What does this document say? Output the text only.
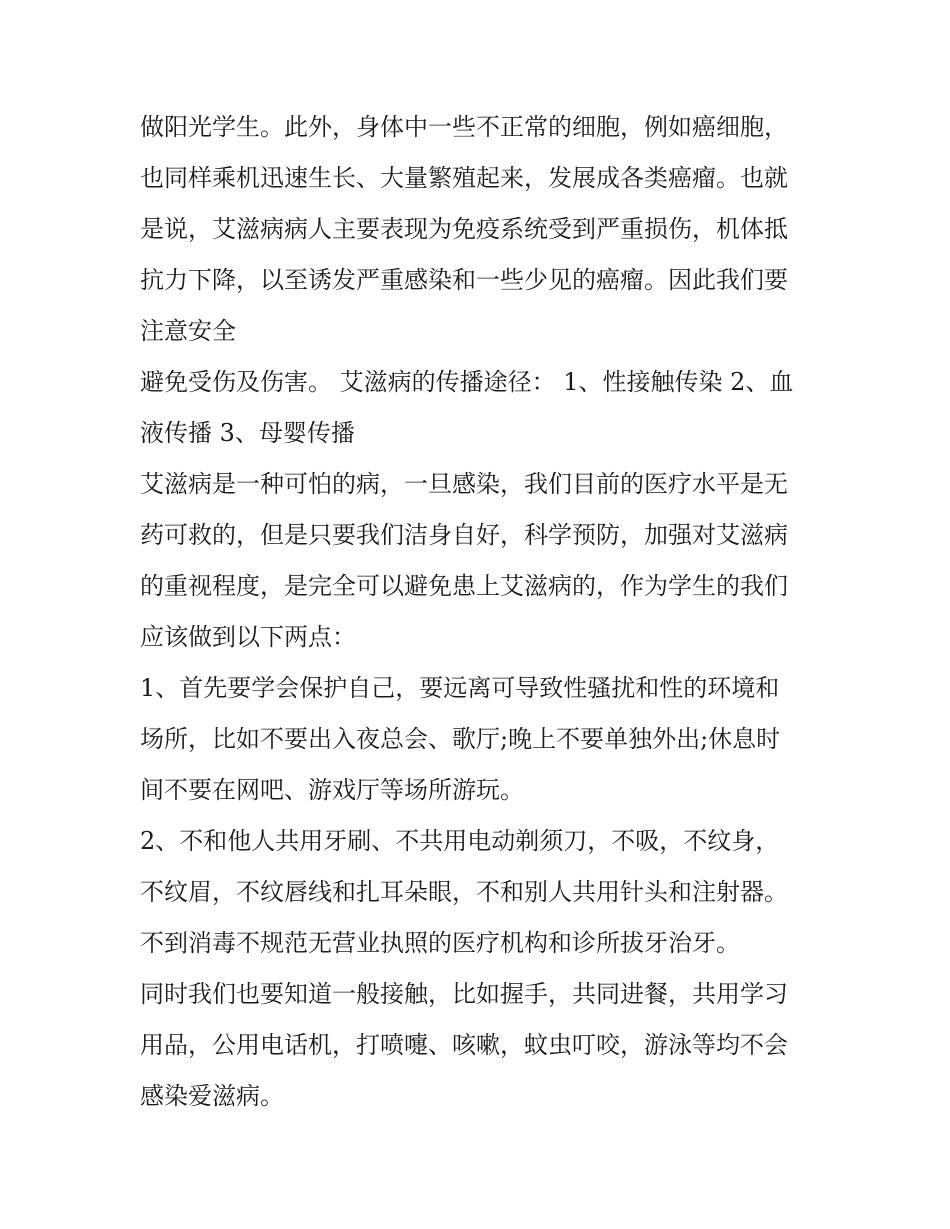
做阳光学生。此外，身体中一些不正常的细胞，例如癌细胞，
也同样乘机迅速生长、大量繁殖起来，发展成各类癌瘤。也就
是说，艾滋病病人主要表现为免疫系统受到严重损伤，机体抵
抗力下降，以至诱发严重感染和一些少见的癌瘤。因此我们要
注意安全
避免受伤及伤害。 艾滋病的传播途径： 1、性接触传染 2、血
液传播 3、母婴传播
艾滋病是一种可怕的病，一旦感染，我们目前的医疗水平是无
药可救的，但是只要我们洁身自好，科学预防，加强对艾滋病
的重视程度，是完全可以避免患上艾滋病的，作为学生的我们
应该做到以下两点：
1、首先要学会保护自己，要远离可导致性骚扰和性的环境和
场所，比如不要出入夜总会、歌厅;晚上不要单独外出;休息时
间不要在网吧、游戏厅等场所游玩。
2、不和他人共用牙刷、不共用电动剃须刀，不吸，不纹身，
不纹眉，不纹唇线和扎耳朵眼，不和别人共用针头和注射器。
不到消毒不规范无营业执照的医疗机构和诊所拔牙治牙。
同时我们也要知道一般接触，比如握手，共同进餐，共用学习
用品，公用电话机，打喷嚏、咳嗽，蚊虫叮咬，游泳等均不会
感染爱滋病。
